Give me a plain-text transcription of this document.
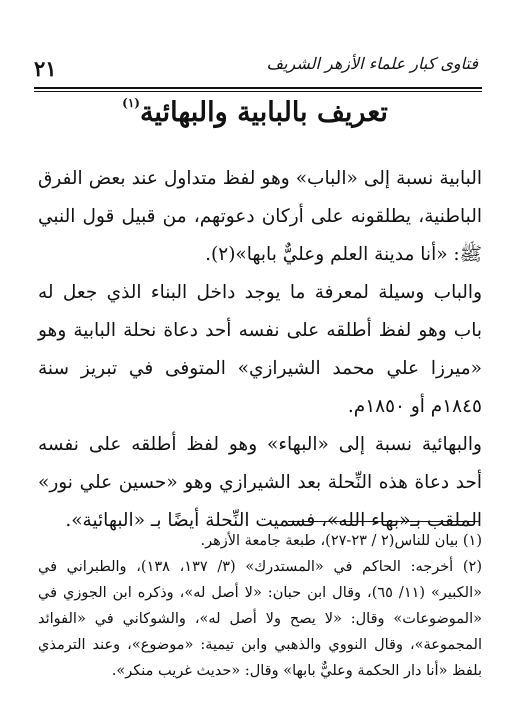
٢١	فتاوى كبار علماء الأزهر الشريف
تعريف بالبابية والبهائية$^{(١)}$

البابية نسبة إلى «الباب» وهو لفظ متداول عند بعض الفرق الباطنية، يطلقونه على أركان دعوتهم، من قبيل قول النبي ﷺ: «أنا مدينة العلم وعليٌّ بابها»(٢).

والباب وسيلة لمعرفة ما يوجد داخل البناء الذي جعل له باب وهو لفظ أطلقه على نفسه أحد دعاة نحلة البابية وهو «ميرزا علي محمد الشيرازي» المتوفى في تبريز سنة ١٨٤٥م أو ١٨٥٠م.

والبهائية نسبة إلى «البهاء» وهو لفظ أطلقه على نفسه أحد دعاة هذه النِّحلة بعد الشيرازي وهو «حسين علي نور» الملقب بـ«بهاء الله»، فسميت النِّحلة أيضًا بـ «البهائية».

(١) بيان للناس(٢ / ٢٣-٢٧)، طبعة جامعة الأزهر.

(٢) أخرجه: الحاكم في «المستدرك» (٣/ ١٣٧، ١٣٨)، والطبراني في «الكبير» (١١/ ٦٥)، وقال ابن حبان: «لا أصل له»، وذكره ابن الجوزي في «الموضوعات» وقال: «لا يصح ولا أصل له»، والشوكاني في «الفوائد المجموعة»، وقال النووي والذهبي وابن تيمية: «موضوع»، وعند الترمذي بلفظ «أنا دار الحكمة وعليٌّ بابها» وقال: «حديث غريب منكر».
